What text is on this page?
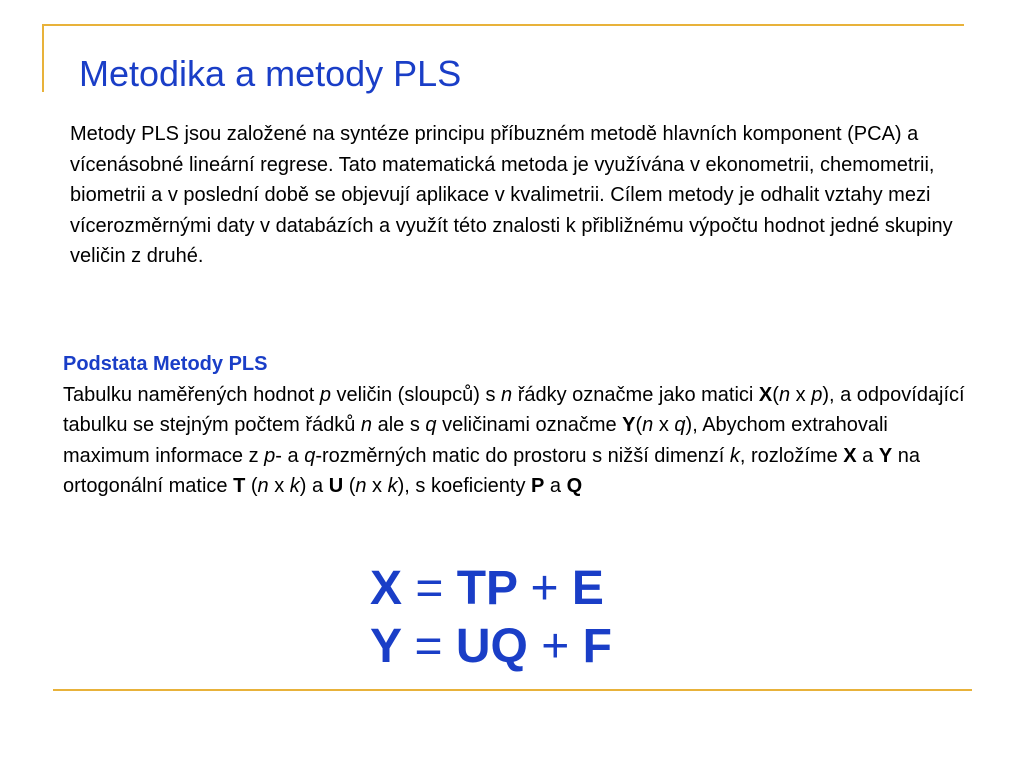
Metodika a metody PLS
Metody PLS jsou založené na syntéze principu příbuzném metodě hlavních komponent (PCA) a vícenásobné lineární regrese. Tato matematická metoda je využívána v ekonometrii, chemometrii, biometrii a v poslední době se objevují aplikace v kvalimetrii. Cílem metody je odhalit vztahy mezi vícerozměrnými daty v databázích a využít této znalosti k přibližnému výpočtu hodnot jedné skupiny veličin z druhé.
Podstata Metody PLS

Tabulku naměřených hodnot p veličin (sloupců) s n řádky označme jako matici X(n x p), a odpovídající tabulku se stejným počtem řádků n ale s q veličinami označme Y(n x q), Abychom extrahovali maximum informace z p- a q-rozměrných matic do prostoru s nižší dimenzí k, rozložíme X a Y na ortogonální matice T (n x k) a U (n x k), s koeficienty P a Q

X = TP + E
Y = UQ + F
